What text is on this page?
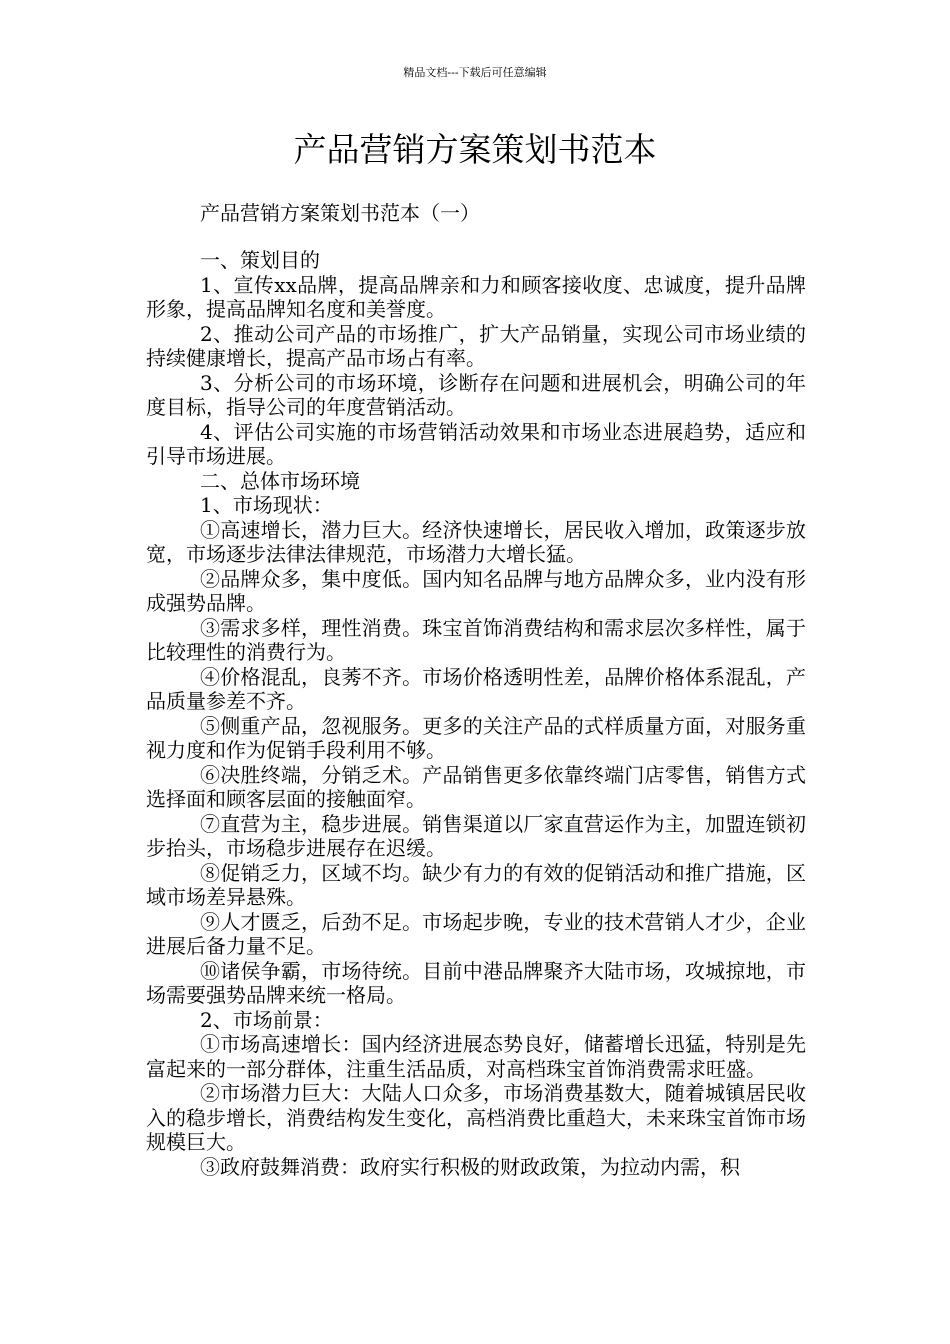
精品文档---下载后可任意编辑
产品营销方案策划书范本
产品营销方案策划书范本（一）

一、策划目的

1、宣传xx品牌，提高品牌亲和力和顾客接收度、忠诚度，提升品牌形象，提高品牌知名度和美誉度。

2、推动公司产品的市场推广，扩大产品销量，实现公司市场业绩的持续健康增长，提高产品市场占有率。

3、分析公司的市场环境，诊断存在问题和进展机会，明确公司的年度目标，指导公司的年度营销活动。

4、评估公司实施的市场营销活动效果和市场业态进展趋势，适应和引导市场进展。

二、总体市场环境

1、市场现状：

①高速增长，潜力巨大。经济快速增长，居民收入增加，政策逐步放宽，市场逐步法律法律规范，市场潜力大增长猛。

②品牌众多，集中度低。国内知名品牌与地方品牌众多，业内没有形成强势品牌。

③需求多样，理性消费。珠宝首饰消费结构和需求层次多样性，属于比较理性的消费行为。

④价格混乱，良莠不齐。市场价格透明性差，品牌价格体系混乱，产品质量参差不齐。

⑤侧重产品，忽视服务。更多的关注产品的式样质量方面，对服务重视力度和作为促销手段利用不够。

⑥决胜终端，分销乏术。产品销售更多依靠终端门店零售，销售方式选择面和顾客层面的接触面窄。

⑦直营为主，稳步进展。销售渠道以厂家直营运作为主，加盟连锁初步抬头，市场稳步进展存在迟缓。

⑧促销乏力，区域不均。缺少有力的有效的促销活动和推广措施，区域市场差异悬殊。

⑨人才匮乏，后劲不足。市场起步晚，专业的技术营销人才少，企业进展后备力量不足。

⑩诸侯争霸，市场待统。目前中港品牌聚齐大陆市场，攻城掠地，市场需要强势品牌来统一格局。

2、市场前景：

①市场高速增长：国内经济进展态势良好，储蓄增长迅猛，特别是先富起来的一部分群体，注重生活品质，对高档珠宝首饰消费需求旺盛。

②市场潜力巨大：大陆人口众多，市场消费基数大，随着城镇居民收入的稳步增长，消费结构发生变化，高档消费比重趋大，未来珠宝首饰市场规模巨大。

③政府鼓舞消费：政府实行积极的财政政策，为拉动内需，积
